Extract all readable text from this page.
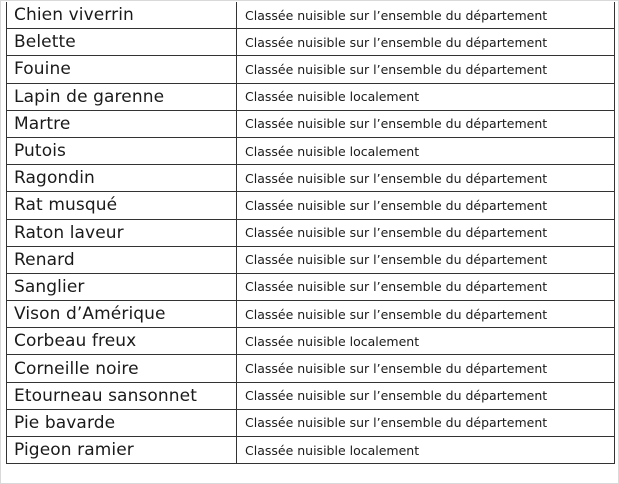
Chien viverrin	Classée nuisible sur l’ensemble du département
Belette	Classée nuisible sur l’ensemble du département
Fouine	Classée nuisible sur l’ensemble du département
Lapin de garenne	Classée nuisible localement
Martre	Classée nuisible sur l’ensemble du département
Putois	Classée nuisible localement
Ragondin	Classée nuisible sur l’ensemble du département
Rat musqué	Classée nuisible sur l’ensemble du département
Raton laveur	Classée nuisible sur l’ensemble du département
Renard	Classée nuisible sur l’ensemble du département
Sanglier	Classée nuisible sur l’ensemble du département
Vison d’Amérique	Classée nuisible sur l’ensemble du département
Corbeau freux	Classée nuisible localement
Corneille noire	Classée nuisible sur l’ensemble du département
Etourneau sansonnet	Classée nuisible sur l’ensemble du département
Pie bavarde	Classée nuisible sur l’ensemble du département
Pigeon ramier	Classée nuisible localement
